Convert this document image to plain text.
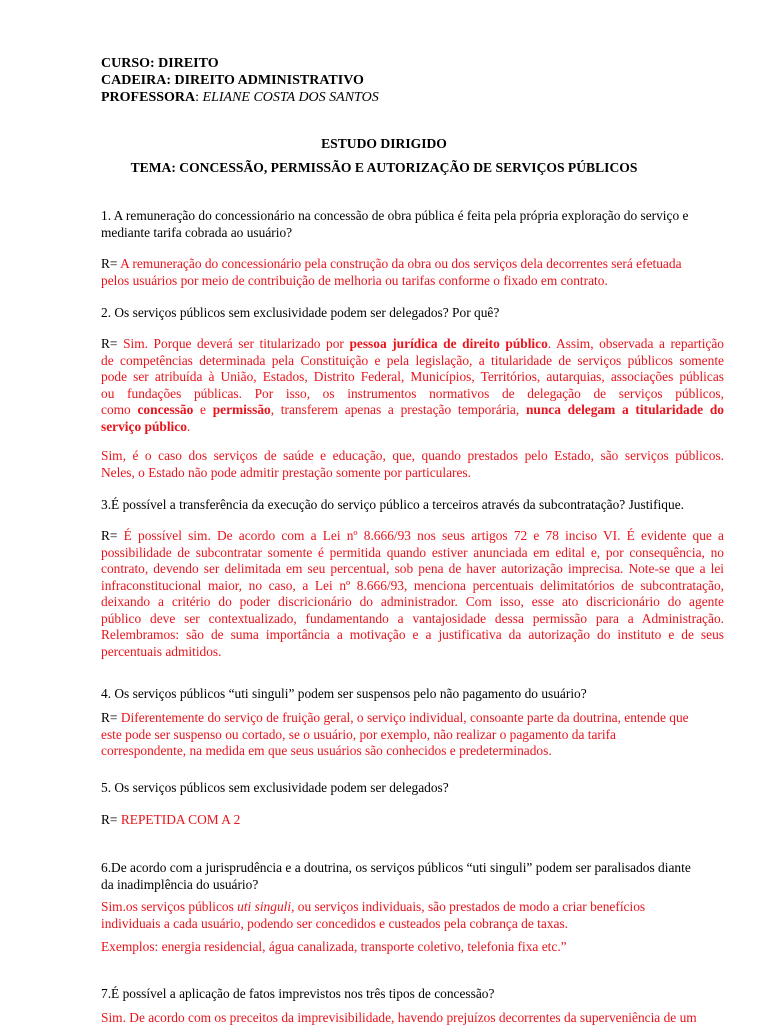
CURSO: DIREITO
CADEIRA: DIREITO ADMINISTRATIVO
PROFESSORA: ELIANE COSTA DOS SANTOS
ESTUDO DIRIGIDO
TEMA: CONCESSÃO, PERMISSÃO E AUTORIZAÇÃO DE SERVIÇOS PÚBLICOS
1. A remuneração do concessionário na concessão de obra pública é feita pela própria exploração do serviço e
mediante tarifa cobrada ao usuário?
R= A remuneração do concessionário pela construção da obra ou dos serviços dela decorrentes será efetuada
pelos usuários por meio de contribuição de melhoria ou tarifas conforme o fixado em contrato.
2. Os serviços públicos sem exclusividade podem ser delegados? Por quê?
R= Sim. Porque deverá ser titularizado por pessoa jurídica de direito público. Assim, observada a repartição
de competências determinada pela Constituição e pela legislação, a titularidade de serviços públicos somente
pode ser atribuída à União, Estados, Distrito Federal, Municípios, Territórios, autarquias, associações públicas
ou fundações públicas. Por isso, os instrumentos normativos de delegação de serviços públicos,
como concessão e permissão, transferem apenas a prestação temporária, nunca delegam a titularidade do
serviço público.
Sim, é o caso dos serviços de saúde e educação, que, quando prestados pelo Estado, são serviços públicos.
Neles, o Estado não pode admitir prestação somente por particulares.
3.É possível a transferência da execução do serviço público a terceiros através da subcontratação? Justifique.
R= É possível sim. De acordo com a Lei nº 8.666/93 nos seus artigos 72 e 78 inciso VI. É evidente que a
possibilidade de subcontratar somente é permitida quando estiver anunciada em edital e, por consequência, no
contrato, devendo ser delimitada em seu percentual, sob pena de haver autorização imprecisa. Note-se que a lei
infraconstitucional maior, no caso, a Lei nº 8.666/93, menciona percentuais delimitatórios de subcontratação,
deixando a critério do poder discricionário do administrador. Com isso, esse ato discricionário do agente
público deve ser contextualizado, fundamentando a vantajosidade dessa permissão para a Administração.
Relembramos: são de suma importância a motivação e a justificativa da autorização do instituto e de seus
percentuais admitidos.
4. Os serviços públicos “uti singuli” podem ser suspensos pelo não pagamento do usuário?
R= Diferentemente do serviço de fruição geral, o serviço individual, consoante parte da doutrina, entende que
este pode ser suspenso ou cortado, se o usuário, por exemplo, não realizar o pagamento da tarifa
correspondente, na medida em que seus usuários são conhecidos e predeterminados.
5. Os serviços públicos sem exclusividade podem ser delegados?
R= REPETIDA COM A 2
6.De acordo com a jurisprudência e a doutrina, os serviços públicos “uti singuli” podem ser paralisados diante
da inadimplência do usuário?
Sim.os serviços públicos uti singuli, ou serviços individuais, são prestados de modo a criar benefícios
individuais a cada usuário, podendo ser concedidos e custeados pela cobrança de taxas.
Exemplos: energia residencial, água canalizada, transporte coletivo, telefonia fixa etc.”
7.É possível a aplicação de fatos imprevistos nos três tipos de concessão?
Sim. De acordo com os preceitos da imprevisibilidade, havendo prejuízos decorrentes da superveniência de um
